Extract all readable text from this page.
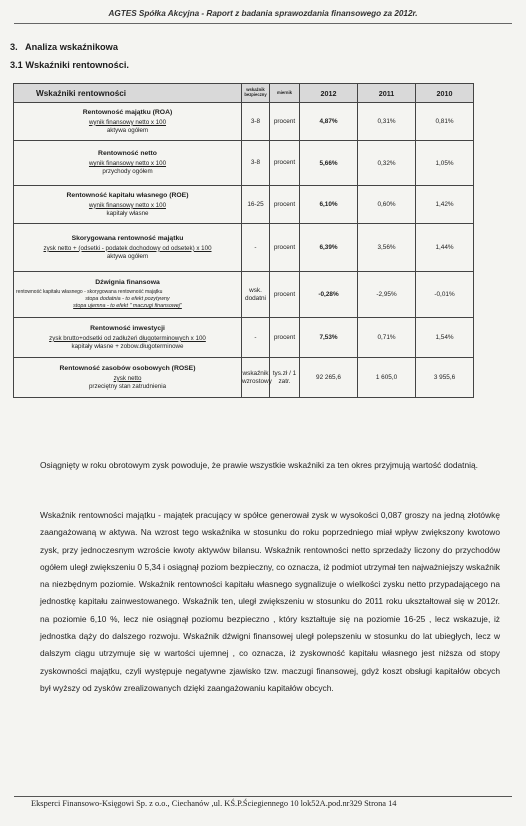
AGTES Spółka Akcyjna - Raport z badania sprawozdania finansowego za 2012r.
3. Analiza wskaźnikowa
3.1 Wskaźniki rentowności.
Wskaźniki rentowności	wskaźnik bezpieczny	miernik	2012	2011	2010

Rentowność majątku (ROA)
wynik finansowy netto x 100
aktywa ogółem	3-8	procent	4,87%	0,31%	0,81%

Rentowność netto
wynik finansowy netto x 100
przychody ogółem	3-8	procent	5,66%	0,32%	1,05%

Rentowność kapitału własnego (ROE)
wynik finansowy netto x 100
kapitały własne	16-25	procent	6,10%	0,60%	1,42%

Skorygowana rentowność majątku
zysk netto + (odsetki - podatek dochodowy od odsetek) x 100
aktywa ogółem	-	procent	6,39%	3,56%	1,44%

Dźwignia finansowa
rentowność kapitału własnego - skorygowana rentowność majątku
stopa dodatnia - to efekt pozytywny
stopa ujemna - to efekt " maczugi finansowej"	wsk. dodatni	procent	-0,28%	-2,95%	-0,01%

Rentowność inwestycji
zysk brutto+odsetki od zadłużeń długoterminowych x 100
kapitały własne + zobow.długoterminowe	-	procent	7,53%	0,71%	1,54%

Rentowność zasobów osobowych (ROSE)
zysk netto
przeciętny stan zatrudnienia	wskaźnik wzrostowy	tys.zł / 1 zatr.	92 265,6	1 605,0	3 955,6
Osiągnięty w roku obrotowym zysk powoduje, że prawie wszystkie wskaźniki za ten okres przyjmują wartość dodatnią.
Wskaźnik rentowności majątku - majątek pracujący w spółce generował zysk w wysokości 0,087 groszy na jedną złotówkę zaangażowaną w aktywa. Na wzrost tego wskaźnika w stosunku do roku poprzedniego miał wpływ zwiększony kwotowo zysk, przy jednoczesnym wzroście kwoty aktywów bilansu. Wskaźnik rentowności netto sprzedaży liczony do przychodów ogółem uległ zwiększeniu 0 5,34 i osiągnął poziom bezpieczny, co oznacza, iż podmiot utrzymał ten najważniejszy wskaźnik na niezbędnym poziomie. Wskaźnik rentowności kapitału własnego sygnalizuje o wielkości zysku netto przypadającego na jednostkę kapitału zainwestowanego. Wskaźnik ten, uległ zwiększeniu w stosunku do 2011 roku ukształtował się w 2012r. na poziomie 6,10 %, lecz nie osiągnął poziomu bezpieczno , który kształtuje się na poziomie 16-25 , lecz wskazuje, iż jednostka dąży do dalszego rozwoju. Wskaźnik dźwigni finansowej uległ polepszeniu w stosunku do lat ubiegłych, lecz w dalszym ciągu utrzymuje się w wartości ujemnej , co oznacza, iż zyskowność kapitału własnego jest niższa od stopy zyskowności majątku, czyli występuje negatywne zjawisko tzw. maczugi finansowej, gdyż koszt obsługi kapitałów obcych był wyższy od zysków zrealizowanych dzięki zaangażowaniu kapitałów obcych.
Eksperci Finansowo-Księgowi Sp. z o.o., Ciechanów ,ul. KŚ.P.Ściegiennego 10 lok52A.pod.nr329 Strona 14
